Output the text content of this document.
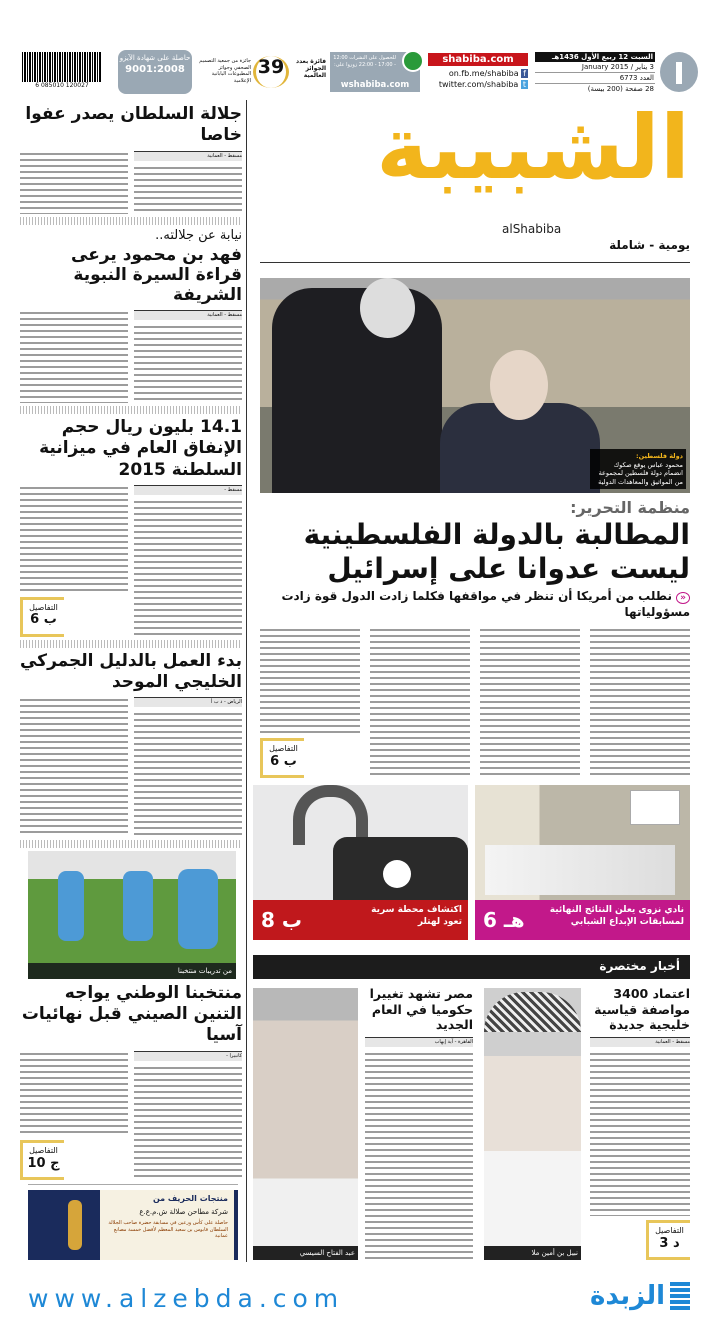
السبت 12 ربيع الأول 1436هـ
3 يناير / January 2015
العدد 6773
28 صفحة (200 بيسة)
shabiba.com
on.fb.me/shabiba f
twitter.com/shabiba t
للحصول على النشرات 12:00 - 17:00 - 22:00 زوروا على:
wshabiba.com
فائزة بعدد الجوائز العالمية
39
جائزة من جمعية التصميم الصحفي وجوائز المطبوعات اليابانية الإعلامية
حاصلة على شهادة الآيزو
9001:2008
6 085010 120027
الشبيبة
alShabiba
يومية - شاملة
دولة فلسطين:
محمود عباس يوقع صكوك انضمام دولة فلسطين لمجموعة من المواثيق والمعاهدات الدولية
منظمة التحرير:
المطالبة بالدولة الفلسطينية ليست عدوانا على إسرائيل
« نطلب من أمريكا أن تنظر في مواقفها فكلما زادت الدول قوة زادت مسؤولياتها
التفاصيل
ب 6
نادي نزوى يعلن النتائج النهائية لمسابقات الإبداع الشبابي
هـ 6
اكتشاف محطة سرية تعود لهتلر
ب 8
أخبار مختصرة
اعتماد 3400 مواصفة قياسية خليجية جديدة
مسقط - العمانية
التفاصيل
د 3
نبيل بن أمين ملا
مصر تشهد تغييرا حكوميا في العام الجديد
القاهرة - آية إيهاب
عبد الفتاح السيسي
جلالة السلطان يصدر عفوا خاصا
مسقط - العمانية
نيابة عن جلالته..
فهد بن محمود يرعى قراءة السيرة النبوية الشريفة
مسقط - العمانية
14.1 بليون ريال حجم الإنفاق العام في ميزانية السلطنة 2015
مسقط -
التفاصيل
ب 6
بدء العمل بالدليل الجمركي الخليجي الموحد
الرياض - د ب أ
من تدريبات منتخبنا
منتخبنا الوطني يواجه التنين الصيني قبل نهائيات آسيا
كانبيرا -
التفاصيل
ج 10
منتجات الحريف من
شركة مطاحن صلالة ش.م.ع.ع
حاصلة على كأس ورعين في مسابقة حضرة صاحب الجلالة السلطان قابوس بن سعيد المعظم لأفضل خمسة مصانع عمانية
www.alzebda.com	الزبدة
